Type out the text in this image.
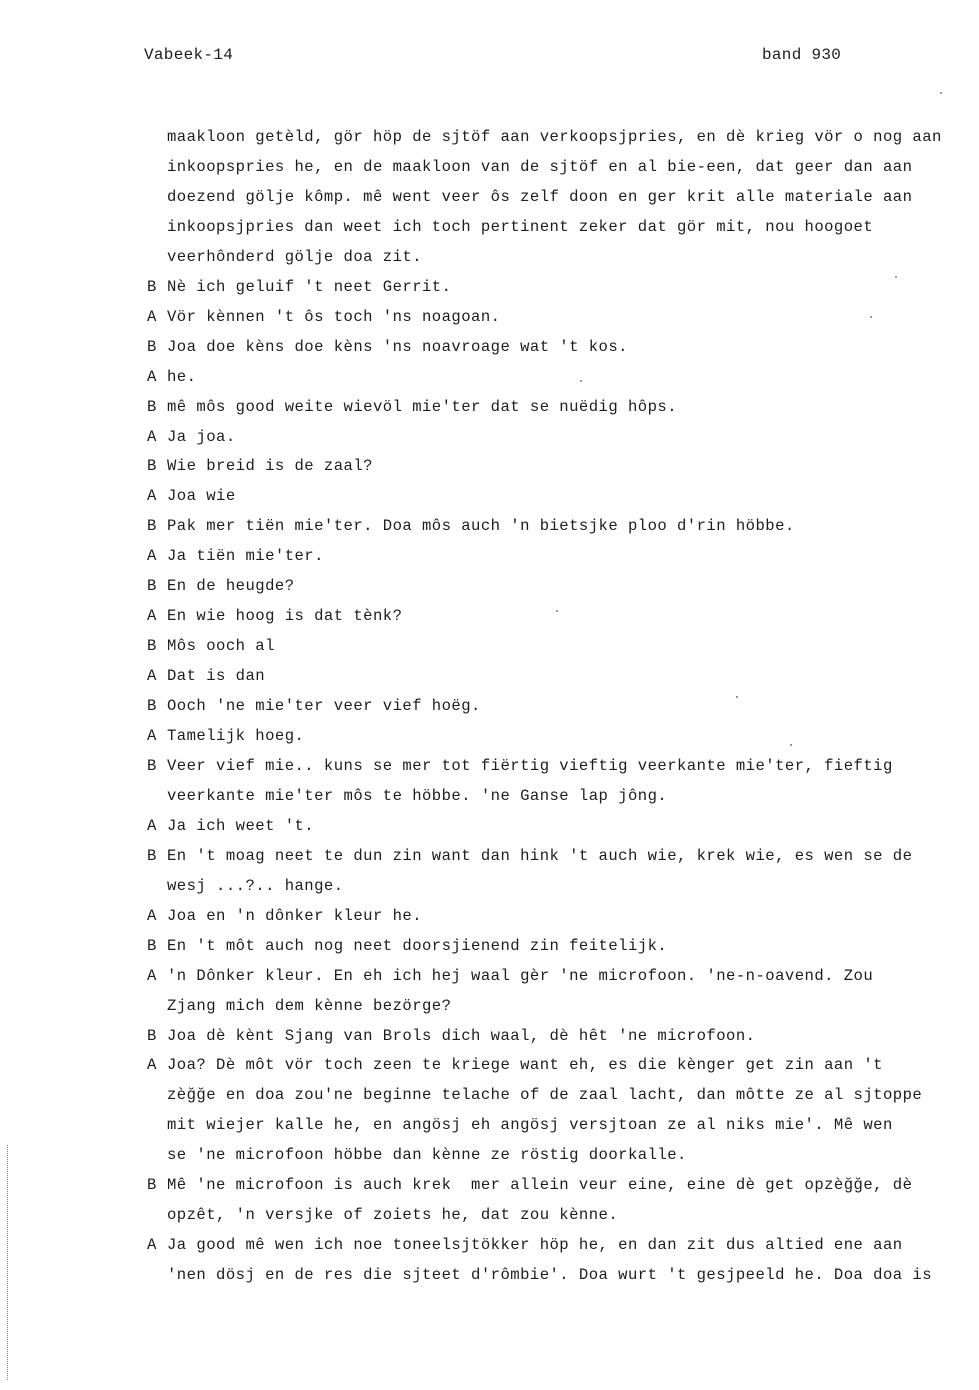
Vabeek-14	band 930
maakloon getèld, gör höp de sjtöf aan verkoopsjpries, en dè krieg vör o nog aan
inkoopspries he, en de maakloon van de sjtöf en al bie-een, dat geer dan aan
doezend gölje kômp. mê went veer ôs zelf doon en ger krit alle materiale aan
inkoopsjpries dan weet ich toch pertinent zeker dat gör mit, nou hoogoet
veerhônderd gölje doa zit.
B Nè ich geluif 't neet Gerrit.
A Vör kènnen 't ôs toch 'ns noagoan.
B Joa doe kèns doe kèns 'ns noavroage wat 't kos.
A he.
B mê môs good weite wievöl mie'ter dat se nuëdig hôps.
A Ja joa.
B Wie breid is de zaal?
A Joa wie
B Pak mer tiën mie'ter. Doa môs auch 'n bietsjke ploo d'rin höbbe.
A Ja tiën mie'ter.
B En de heugde?
A En wie hoog is dat tènk?
B Môs ooch al
A Dat is dan
B Ooch 'ne mie'ter veer vief hoëg.
A Tamelijk hoeg.
B Veer vief mie.. kuns se mer tot fiërtig vieftig veerkante mie'ter, fieftig
veerkante mie'ter môs te höbbe. 'ne Ganse lap jông.
A Ja ich weet 't.
B En 't moag neet te dun zin want dan hink 't auch wie, krek wie, es wen se de
wesj ...?.. hange.
A Joa en 'n dônker kleur he.
B En 't môt auch nog neet doorsjienend zin feitelijk.
A 'n Dônker kleur. En eh ich hej waal gèr 'ne microfoon. 'ne-n-oavend. Zou
Zjang mich dem kènne bezörge?
B Joa dè kènt Sjang van Brols dich waal, dè hêt 'ne microfoon.
A Joa? Dè môt vör toch zeen te kriege want eh, es die kènger get zin aan 't
zèğğe en doa zou'ne beginne telache of de zaal lacht, dan môtte ze al sjtoppe
mit wiejer kalle he, en angösj eh angösj versjtoan ze al niks mie'. Mê wen
se 'ne microfoon höbbe dan kènne ze röstig doorkalle.
B Mê 'ne microfoon is auch krek  mer allein veur eine, eine dè get opzèğğe, dè
opzêt, 'n versjke of zoiets he, dat zou kènne.
A Ja good mê wen ich noe toneelsjtökker höp he, en dan zit dus altied ene aan
'nen dösj en de res die sjteet d'rômbie'. Doa wurt 't gesjpeeld he. Doa doa is
